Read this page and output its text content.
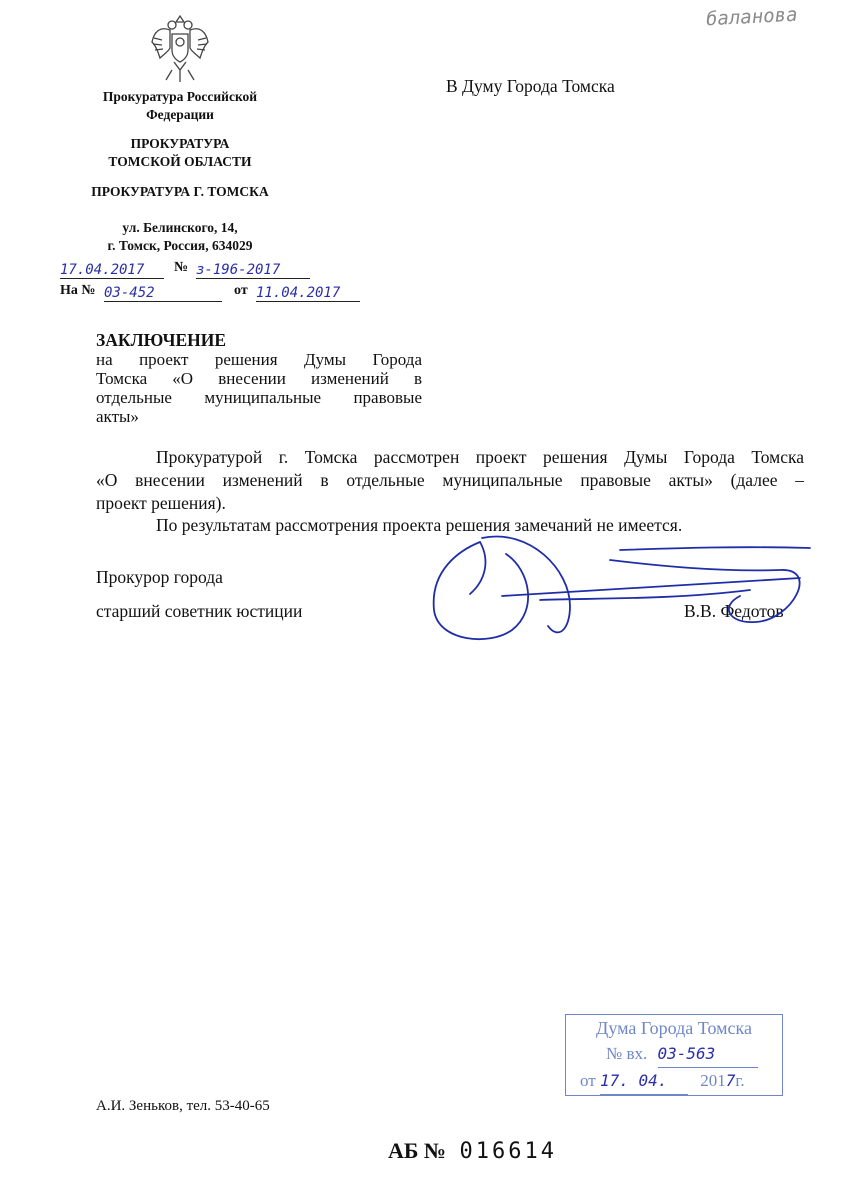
баланова
Прокуратура Российской
Федерации
ПРОКУРАТУРА
ТОМСКОЙ ОБЛАСТИ
ПРОКУРАТУРА Г. ТОМСКА
ул. Белинского, 14,
г. Томск, Россия, 634029
В Думу Города Томска
17.04.2017	№ з-196-2017
На № 03-452	от 11.04.2017
ЗАКЛЮЧЕНИЕ
на проект решения Думы Города
Томска «О внесении изменений в
отдельные муниципальные правовые
акты»
Прокуратурой г. Томска рассмотрен проект решения Думы Города Томска
«О внесении изменений в отдельные муниципальные правовые акты» (далее –
проект решения).
По результатам рассмотрения проекта решения замечаний не имеется.
Прокурор города
старший советник юстиции	В.В. Федотов
Дума Города Томска
№ вх. 03-563
от 17. 04. 2017г.
А.И. Зеньков, тел. 53-40-65
АБ № 016614
